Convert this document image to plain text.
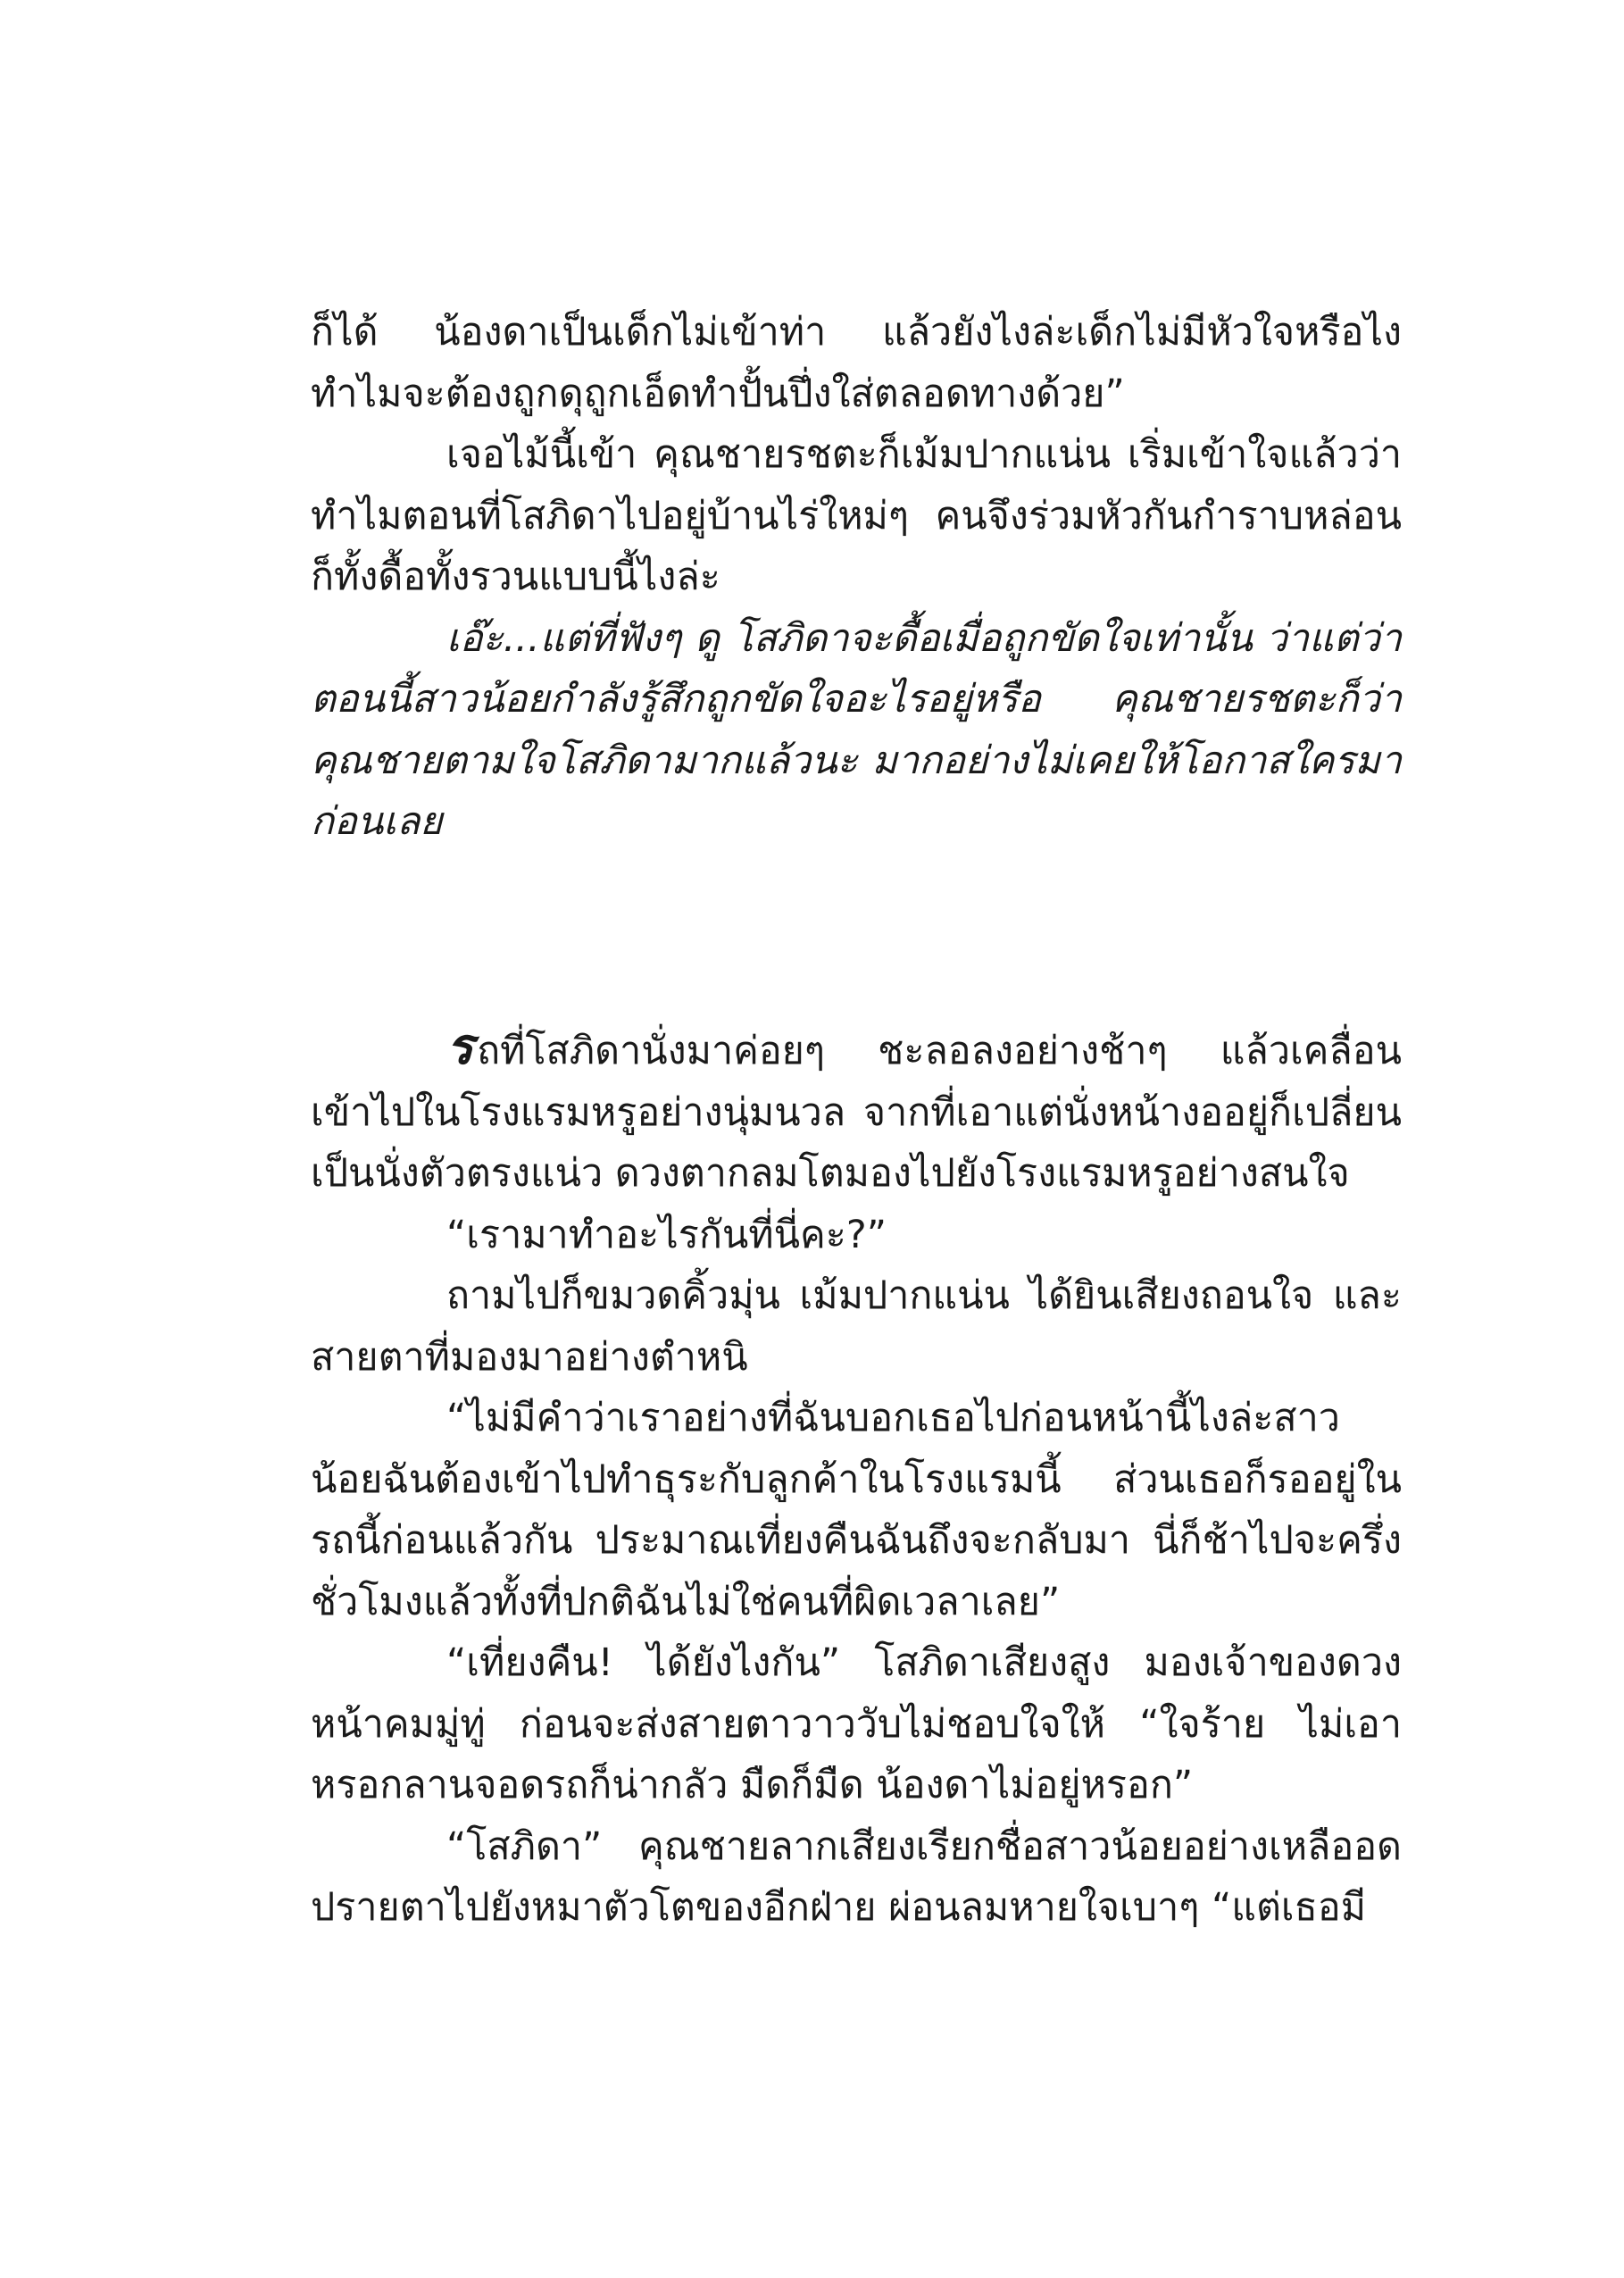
ก็ได้ น้องดาเป็นเด็กไม่เข้าท่า แล้วยังไงล่ะเด็กไม่มีหัวใจหรือไง ทำไมจะต้องถูกดุถูกเอ็ดทำปั้นปึ่งใส่ตลอดทางด้วย”

เจอไม้นี้เข้า คุณชายรชตะก็เม้มปากแน่น เริ่มเข้าใจแล้วว่าทำไมตอนที่โสภิดาไปอยู่บ้านไร่ใหม่ๆ คนจึงร่วมหัวกันกำราบหล่อนก็ทั้งดื้อทั้งรวนแบบนี้ไงล่ะ

เอ๊ะ...แต่ที่ฟังๆ ดู โสภิดาจะดื้อเมื่อถูกขัดใจเท่านั้น ว่าแต่ว่าตอนนี้สาวน้อยกำลังรู้สึกถูกขัดใจอะไรอยู่หรือ คุณชายรชตะก็ว่าคุณชายตามใจโสภิดามากแล้วนะ มากอย่างไม่เคยให้โอกาสใครมาก่อนเลย

รถที่โสภิดานั่งมาค่อยๆ ชะลอลงอย่างช้าๆ แล้วเคลื่อนเข้าไปในโรงแรมหรูอย่างนุ่มนวล จากที่เอาแต่นั่งหน้างออยู่ก็เปลี่ยนเป็นนั่งตัวตรงแน่ว ดวงตากลมโตมองไปยังโรงแรมหรูอย่างสนใจ

“เรามาทำอะไรกันที่นี่คะ?”

ถามไปก็ขมวดคิ้วมุ่น เม้มปากแน่น ได้ยินเสียงถอนใจ และสายตาที่มองมาอย่างตำหนิ

“ไม่มีคำว่าเราอย่างที่ฉันบอกเธอไปก่อนหน้านี้ไงล่ะสาวน้อยฉันต้องเข้าไปทำธุระกับลูกค้าในโรงแรมนี้ ส่วนเธอก็รออยู่ในรถนี้ก่อนแล้วกัน ประมาณเที่ยงคืนฉันถึงจะกลับมา นี่ก็ช้าไปจะครึ่งชั่วโมงแล้วทั้งที่ปกติฉันไม่ใช่คนที่ผิดเวลาเลย”

“เที่ยงคืน! ได้ยังไงกัน” โสภิดาเสียงสูง มองเจ้าของดวงหน้าคมมู่ทู่ ก่อนจะส่งสายตาวาววับไม่ชอบใจให้ “ใจร้าย ไม่เอาหรอกลานจอดรถก็น่ากลัว มืดก็มืด น้องดาไม่อยู่หรอก”

“โสภิดา” คุณชายลากเสียงเรียกชื่อสาวน้อยอย่างเหลืออดปรายตาไปยังหมาตัวโตของอีกฝ่าย ผ่อนลมหายใจเบาๆ “แต่เธอมี
